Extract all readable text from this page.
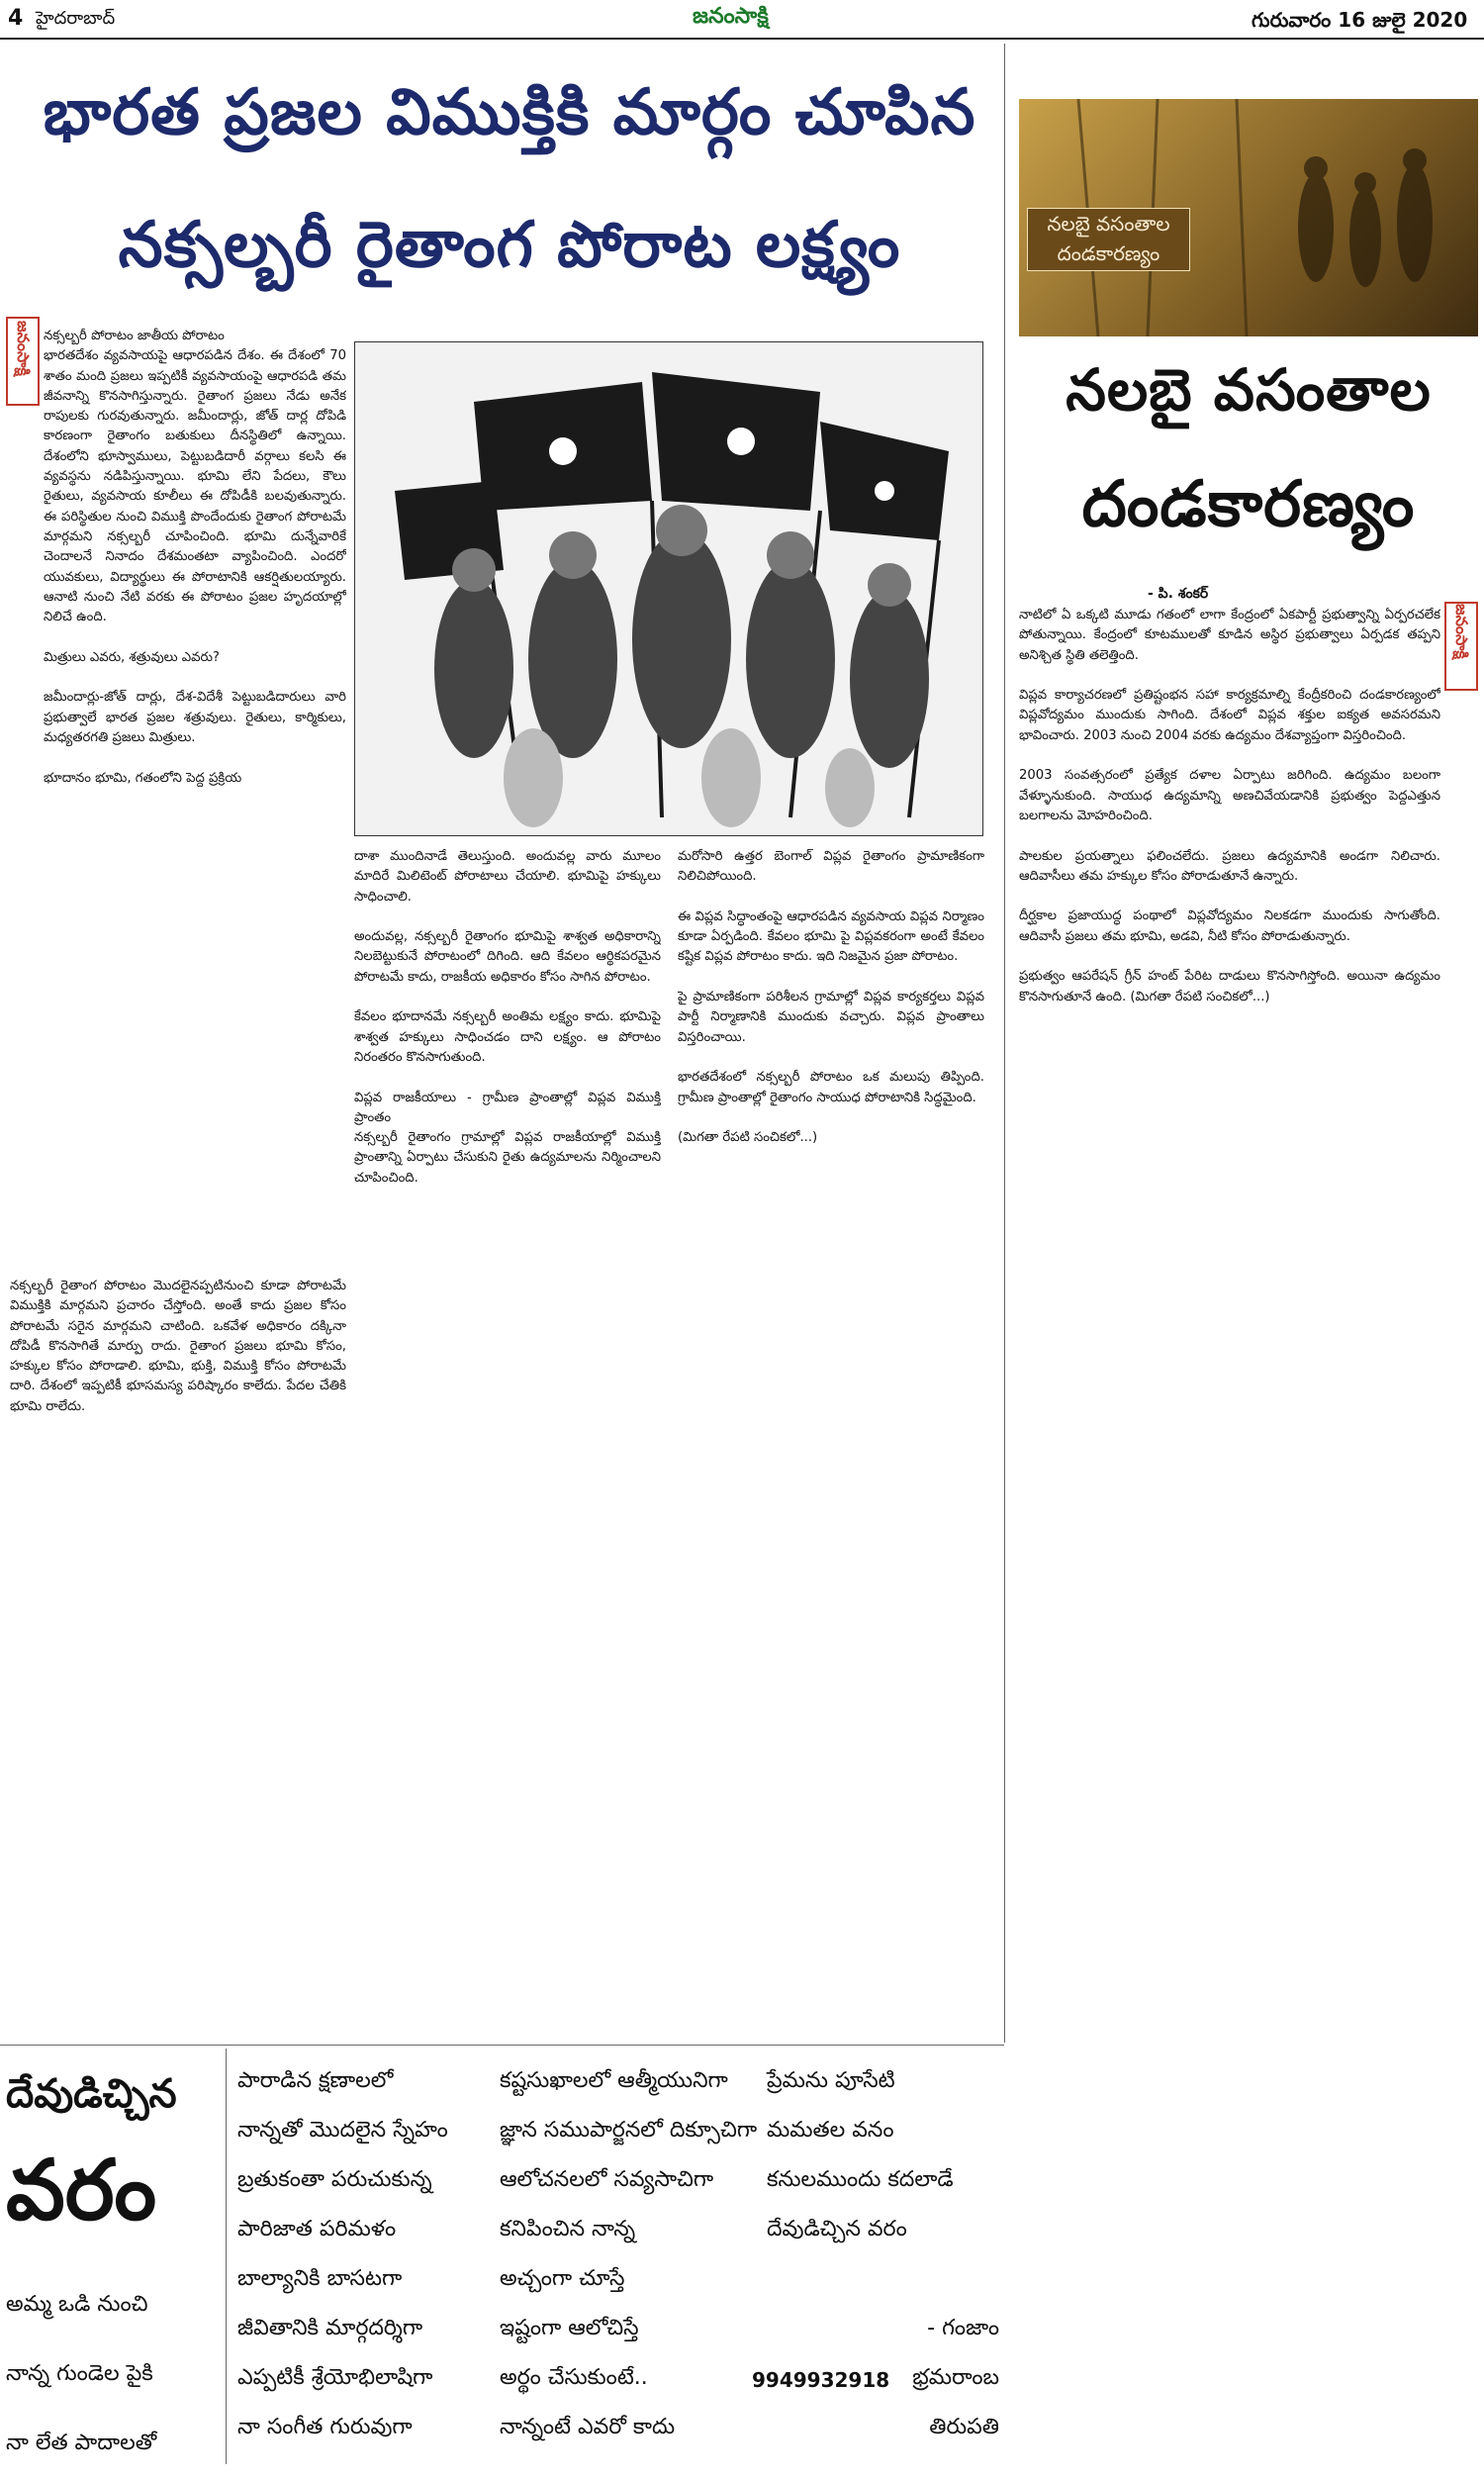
4 హైదరాబాద్	జనంసాక్షి	గురువారం 16 జులై 2020
భారత ప్రజల విముక్తికి మార్గం చూపిన
నక్సల్బరీ రైతాంగ పోరాట లక్ష్యం
జనంసాక్షి నక్సల్బరీ పోరాటం జాతీయ పోరాటం
భారతదేశం వ్యవసాయపై ఆధారపడిన దేశం. ఈ దేశంలో 70 శాతం మంది ప్రజలు ఇప్పటికీ వ్యవసాయంపై ఆధారపడి తమ జీవనాన్ని కొనసాగిస్తున్నారు. రైతాంగ ప్రజలు నేడు అనేక రాపులకు గురవుతున్నారు. జమీందార్లు, జోత్ దార్ల దోపిడి కారణంగా రైతాంగం బతుకులు దీనస్థితిలో ఉన్నాయి. దేశంలోని భూస్వాములు, పెట్టుబడిదారీ వర్గాలు కలసి ఈ వ్యవస్థను నడిపిస్తున్నాయి. భూమి లేని పేదలు, కౌలు రైతులు, వ్యవసాయ కూలీలు ఈ దోపిడీకి బలవుతున్నారు. ఈ పరిస్థితుల నుంచి విముక్తి పొందేందుకు రైతాంగ పోరాటమే మార్గమని నక్సల్బరీ చూపించింది. భూమి దున్నేవారికే చెందాలనే నినాదం దేశమంతటా వ్యాపించింది. ఎందరో యువకులు, విద్యార్థులు ఈ పోరాటానికి ఆకర్షితులయ్యారు. ఆనాటి నుంచి నేటి వరకు ఈ పోరాటం ప్రజల హృదయాల్లో నిలిచే ఉంది.

మిత్రులు ఎవరు, శత్రువులు ఎవరు?

జమీందార్లు-జోత్ దార్లు, దేశ-విదేశీ పెట్టుబడిదారులు వారి ప్రభుత్వాలే భారత ప్రజల శత్రువులు. రైతులు, కార్మికులు, మధ్యతరగతి ప్రజలు మిత్రులు.

భూదానం భూమి, గతంలోని పెద్ద ప్రక్రియ
దాశా ముందినాడే తెలుస్తుంది. అందువల్ల వారు మూలం మాదిరే మిలిటెంట్ పోరాటాలు చేయాలి. భూమిపై హక్కులు సాధించాలి.

అందువల్ల, నక్సల్బరీ రైతాంగం భూమిపై శాశ్వత అధికారాన్ని నిలబెట్టుకునే పోరాటంలో దిగింది. ఆది కేవలం ఆర్థికపరమైన పోరాటమే కాదు, రాజకీయ అధికారం కోసం సాగిన పోరాటం.

కేవలం భూదానమే నక్సల్బరీ అంతిమ లక్ష్యం కాదు. భూమిపై శాశ్వత హక్కులు సాధించడం దాని లక్ష్యం. ఆ పోరాటం నిరంతరం కొనసాగుతుంది.

విప్లవ రాజకీయాలు - గ్రామీణ ప్రాంతాల్లో విప్లవ విముక్తి ప్రాంతం
నక్సల్బరీ రైతాంగం గ్రామాల్లో విప్లవ రాజకీయాల్లో విముక్తి ప్రాంతాన్ని ఏర్పాటు చేసుకుని రైతు ఉద్యమాలను నిర్మించాలని చూపించింది.
మరోసారి ఉత్తర బెంగాల్ విప్లవ రైతాంగం ప్రామాణికంగా నిలిచిపోయింది.

ఈ విప్లవ సిద్ధాంతంపై ఆధారపడిన వ్యవసాయ విప్లవ నిర్మాణం కూడా ఏర్పడింది. కేవలం భూమి పై విప్లవకరంగా అంటే కేవలం కష్టిక విప్లవ పోరాటం కాదు. ఇది నిజమైన ప్రజా పోరాటం.

పై ప్రామాణికంగా పరిశీలన గ్రామాల్లో విప్లవ కార్యకర్తలు విప్లవ పార్టీ నిర్మాణానికి ముందుకు వచ్చారు. విప్లవ ప్రాంతాలు విస్తరించాయి.

భారతదేశంలో నక్సల్బరీ పోరాటం ఒక మలుపు తిప్పింది. గ్రామీణ ప్రాంతాల్లో రైతాంగం సాయుధ పోరాటానికి సిద్ధమైంది.

(మిగతా రేపటి సంచికలో...)
నక్సల్బరీ రైతాంగ పోరాటం మొదలైనప్పటినుంచి కూడా పోరాటమే విముక్తికి మార్గమని ప్రచారం చేస్తోంది. అంతే కాదు ప్రజల కోసం పోరాటమే సరైన మార్గమని చాటింది. ఒకవేళ అధికారం దక్కినా దోపిడీ కొనసాగితే మార్పు రాదు. రైతాంగ ప్రజలు భూమి కోసం, హక్కుల కోసం పోరాడాలి. భూమి, భుక్తి, విముక్తి కోసం పోరాటమే దారి. దేశంలో ఇప్పటికీ భూసమస్య పరిష్కారం కాలేదు. పేదల చేతికి భూమి రాలేదు.
నలబై వసంతాల
దండకారణ్యం
నలబై వసంతాల
దండకారణ్యం
- పి. శంకర్
జనంసాక్షి
నాటిలో ఏ ఒక్కటి మూడు గతంలో లాగా కేంద్రంలో ఏకపార్టీ ప్రభుత్వాన్ని ఏర్పరచలేక పోతున్నాయి. కేంద్రంలో కూటములతో కూడిన అస్థిర ప్రభుత్వాలు ఏర్పడక తప్పని అనిశ్చిత స్థితి తలెత్తింది.

విప్లవ కార్యాచరణలో ప్రతిష్టంభన సహా కార్యక్రమాల్ని కేంద్రీకరించి దండకారణ్యంలో విప్లవోద్యమం ముందుకు సాగింది. దేశంలో విప్లవ శక్తుల ఐక్యత అవసరమని భావించారు. 2003 నుంచి 2004 వరకు ఉద్యమం దేశవ్యాప్తంగా విస్తరించింది.

2003 సంవత్సరంలో ప్రత్యేక దళాల ఏర్పాటు జరిగింది. ఉద్యమం బలంగా వేళ్ళూనుకుంది. సాయుధ ఉద్యమాన్ని అణచివేయడానికి ప్రభుత్వం పెద్దఎత్తున బలగాలను మోహరించింది.

పాలకుల ప్రయత్నాలు ఫలించలేదు. ప్రజలు ఉద్యమానికి అండగా నిలిచారు. ఆదివాసీలు తమ హక్కుల కోసం పోరాడుతూనే ఉన్నారు.

దీర్ఘకాల ప్రజాయుద్ధ పంథాలో విప్లవోద్యమం నిలకడగా ముందుకు సాగుతోంది. ఆదివాసీ ప్రజలు తమ భూమి, అడవి, నీటి కోసం పోరాడుతున్నారు.

ప్రభుత్వం ఆపరేషన్ గ్రీన్ హంట్ పేరిట దాడులు కొనసాగిస్తోంది. అయినా ఉద్యమం కొనసాగుతూనే ఉంది. (మిగతా రేపటి సంచికలో...)
దేవుడిచ్చిన
వరం
అమ్మ ఒడి నుంచి
నాన్న గుండెల పైకి
నా లేత పాదాలతో
పారాడిన క్షణాలలో
నాన్నతో మొదలైన స్నేహం
బ్రతుకంతా పరుచుకున్న
పారిజాత పరిమళం
బాల్యానికి బాసటగా
జీవితానికి మార్గదర్శిగా
ఎప్పటికీ శ్రేయోభిలాషిగా
నా సంగీత గురువుగా
కష్టసుఖాలలో ఆత్మీయునిగా
జ్ఞాన సముపార్జనలో దిక్సూచిగా
ఆలోచనలలో సవ్యసాచిగా
కనిపించిన నాన్న
అచ్చంగా చూస్తే
ఇష్టంగా ఆలోచిస్తే
అర్థం చేసుకుంటే..
నాన్నంటే ఎవరో కాదు
ప్రేమను పూసేటి
మమతల వనం
కనులముందు కదలాడే
దేవుడిచ్చిన వరం
- గంజాం
భ్రమరాంబ
తిరుపతి
9949932918
